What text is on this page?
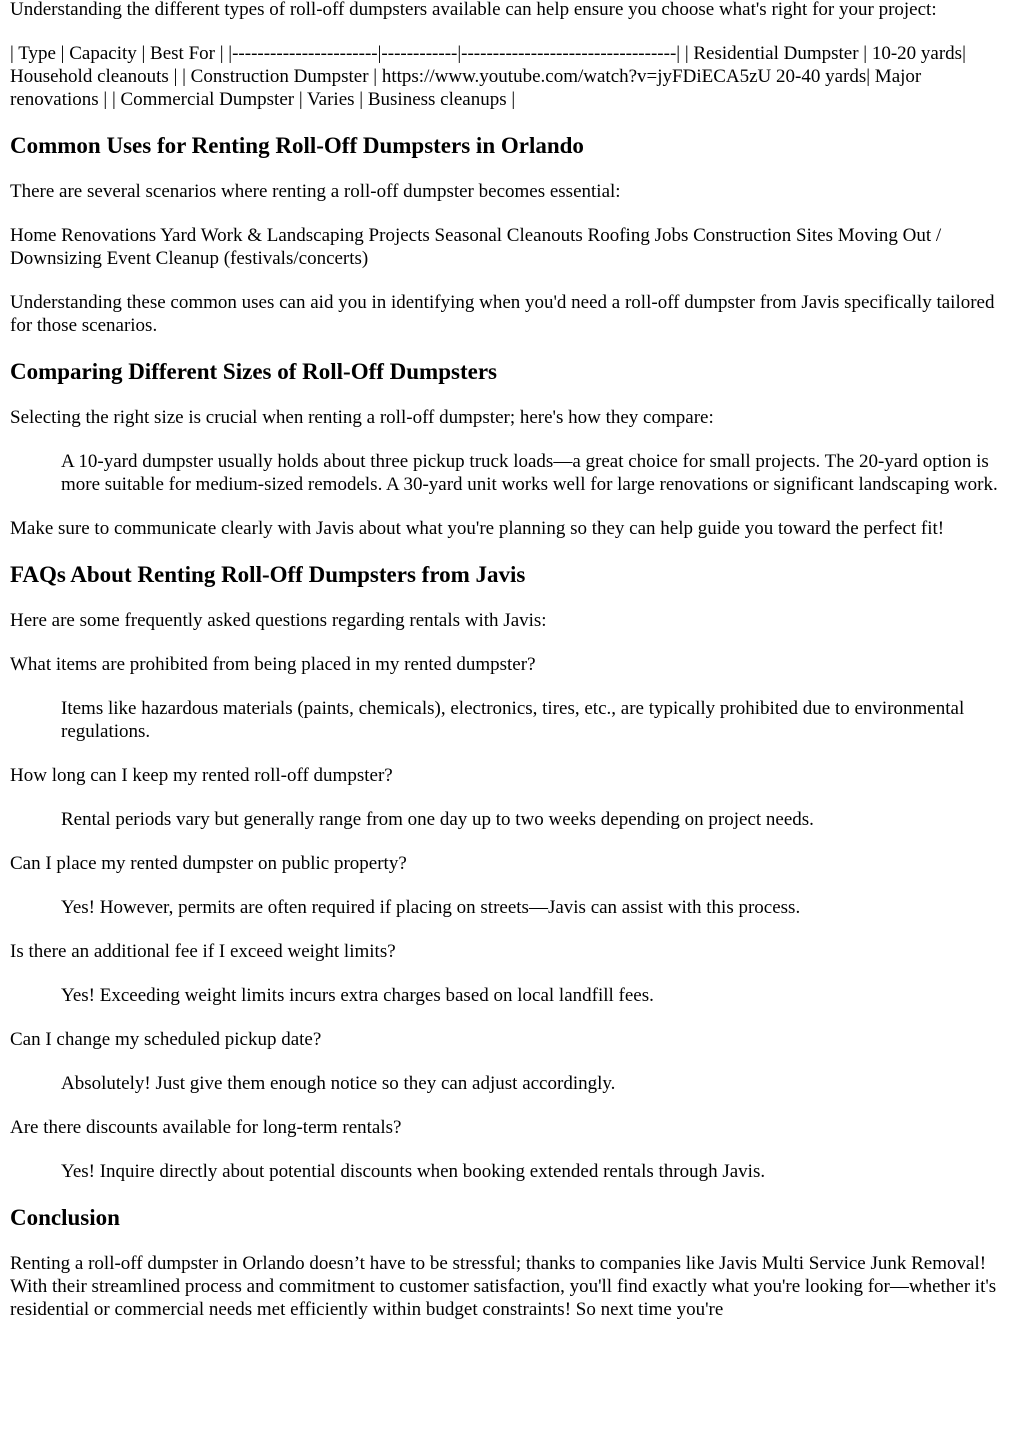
Understanding the different types of roll-off dumpsters available can help ensure you choose what's right for your project:

| Type | Capacity | Best For | |-----------------------|------------|----------------------------------| | Residential Dumpster | 10-20 yards| Household cleanouts | | Construction Dumpster | https://www.youtube.com/watch?v=jyFDiECA5zU 20-40 yards| Major renovations | | Commercial Dumpster | Varies | Business cleanups |

Common Uses for Renting Roll-Off Dumpsters in Orlando

There are several scenarios where renting a roll-off dumpster becomes essential:

Home Renovations Yard Work & Landscaping Projects Seasonal Cleanouts Roofing Jobs Construction Sites Moving Out / Downsizing Event Cleanup (festivals/concerts)

Understanding these common uses can aid you in identifying when you'd need a roll-off dumpster from Javis specifically tailored for those scenarios.

Comparing Different Sizes of Roll-Off Dumpsters

Selecting the right size is crucial when renting a roll-off dumpster; here's how they compare:

A 10-yard dumpster usually holds about three pickup truck loads—a great choice for small projects. The 20-yard option is more suitable for medium-sized remodels. A 30-yard unit works well for large renovations or significant landscaping work.

Make sure to communicate clearly with Javis about what you're planning so they can help guide you toward the perfect fit!

FAQs About Renting Roll-Off Dumpsters from Javis

Here are some frequently asked questions regarding rentals with Javis:

What items are prohibited from being placed in my rented dumpster?

Items like hazardous materials (paints, chemicals), electronics, tires, etc., are typically prohibited due to environmental regulations.

How long can I keep my rented roll-off dumpster?

Rental periods vary but generally range from one day up to two weeks depending on project needs.

Can I place my rented dumpster on public property?

Yes! However, permits are often required if placing on streets—Javis can assist with this process.

Is there an additional fee if I exceed weight limits?

Yes! Exceeding weight limits incurs extra charges based on local landfill fees.

Can I change my scheduled pickup date?

Absolutely! Just give them enough notice so they can adjust accordingly.

Are there discounts available for long-term rentals?

Yes! Inquire directly about potential discounts when booking extended rentals through Javis.
Conclusion

Renting a roll-off dumpster in Orlando doesn’t have to be stressful; thanks to companies like Javis Multi Service Junk Removal! With their streamlined process and commitment to customer satisfaction, you'll find exactly what you're looking for—whether it's residential or commercial needs met efficiently within budget constraints! So next time you're
